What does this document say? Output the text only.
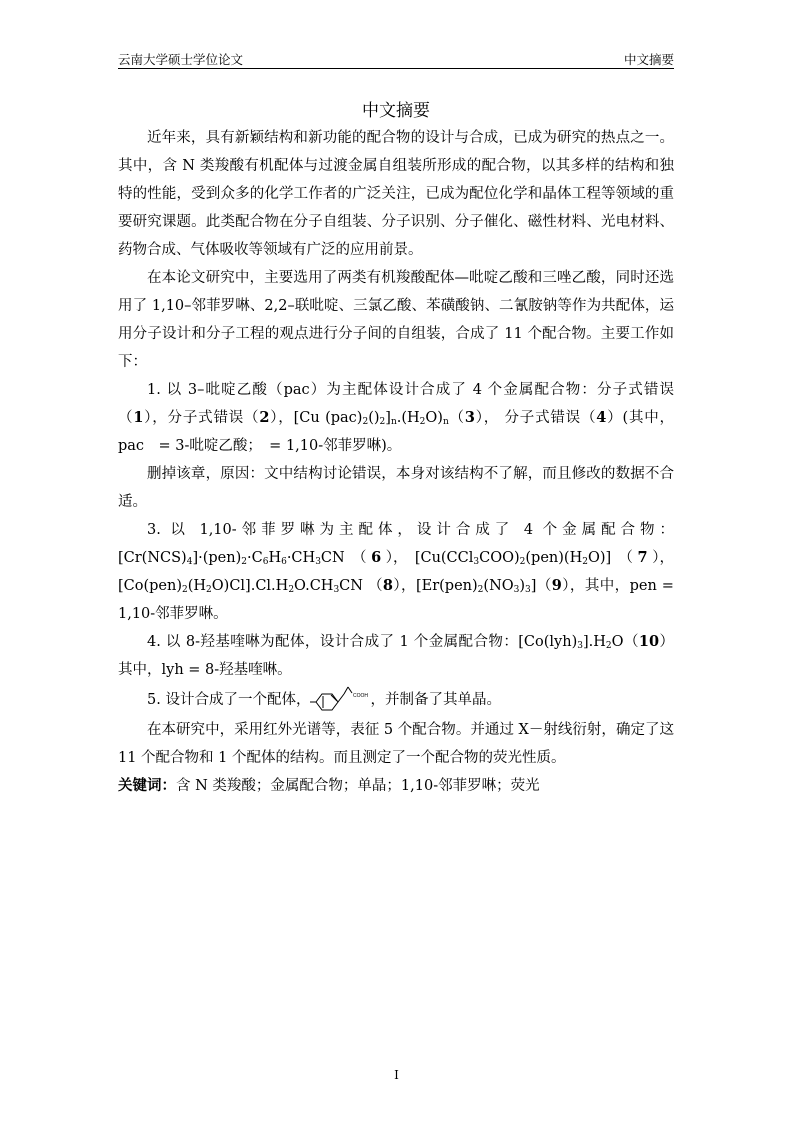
云南大学硕士学位论文	中文摘要
中文摘要

近年来，具有新颖结构和新功能的配合物的设计与合成，已成为研究的热点之一。其中，含 N 类羧酸有机配体与过渡金属自组装所形成的配合物，以其多样的结构和独特的性能，受到众多的化学工作者的广泛关注，已成为配位化学和晶体工程等领域的重要研究课题。此类配合物在分子自组装、分子识别、分子催化、磁性材料、光电材料、药物合成、气体吸收等领域有广泛的应用前景。

在本论文研究中，主要选用了两类有机羧酸配体—吡啶乙酸和三唑乙酸，同时还选用了 1,10–邻菲罗啉、2,2–联吡啶、三氯乙酸、苯磺酸钠、二氰胺钠等作为共配体，运用分子设计和分子工程的观点进行分子间的自组装，合成了 11 个配合物。主要工作如下：

1. 以 3–吡啶乙酸（pac）为主配体设计合成了 4 个金属配合物：分子式错误（1），分子式错误（2），[Cu $(pac)_2()_2]_n.(H_2O)_n(3)$， 分子式错误（4）(其中，pac　= 3-吡啶乙酸；　= 1,10-邻菲罗啉)。

删掉该章，原因：文中结构讨论错误，本身对该结构不了解，而且修改的数据不合适。

3. 以 1,10-邻菲罗啉为主配体，设计合成了 4 个金属配合物：

$[Cr(NCS)_4]\cdot(pen)_2\cdot C_6H_6\cdot CH_3CN$　（ 6 ），　$[Cu(CCl_3COO)_2(pen)(H_2O)]$　（ 7 ）， $[Co(pen)_2(H_2O)Cl].Cl.H_2O.CH_3CN$ （8），$[Er(pen)_2(NO_3)_3](9)$，其中，pen = 1,10-邻菲罗啉。

4. 以 8-羟基喹啉为配体，设计合成了 1 个金属配合物：$[Co(lyh)_3].H_2O(10)$其中，lyh = 8-羟基喹啉。

5. 设计合成了一个配体，	COOH ，并制备了其单晶。

在本研究中，采用红外光谱等，表征 5 个配合物。并通过 X－射线衍射，确定了这 11 个配合物和 1 个配体的结构。而且测定了一个配合物的荧光性质。

关键词：含 N 类羧酸；金属配合物；单晶；1,10-邻菲罗啉；荧光

I
